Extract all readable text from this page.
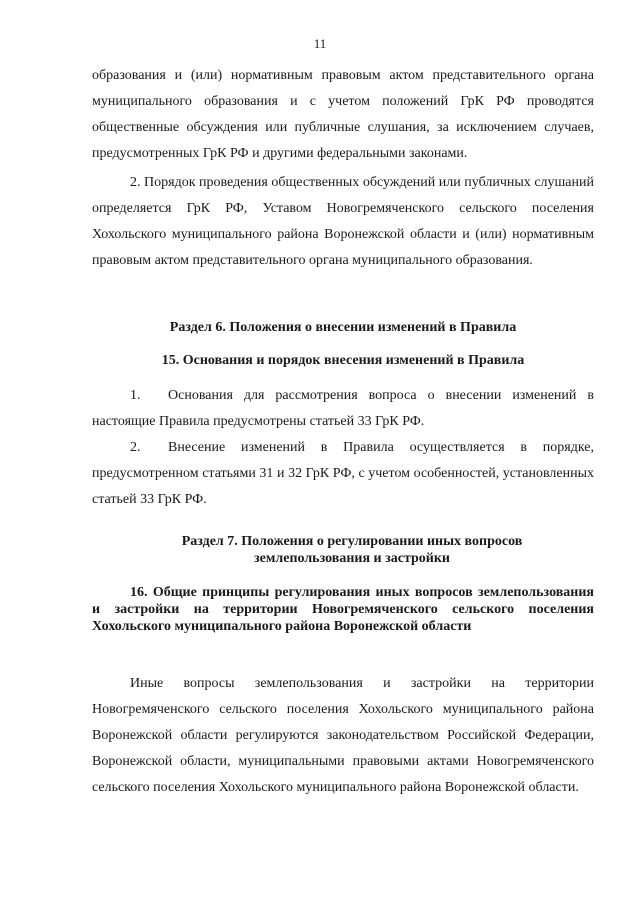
11

образования и (или) нормативным правовым актом представительного органа муниципального образования и с учетом положений ГрК РФ проводятся общественные обсуждения или публичные слушания, за исключением случаев, предусмотренных ГрК РФ и другими федеральными законами.

2. Порядок проведения общественных обсуждений или публичных слушаний определяется ГрК РФ, Уставом Новогремяченского сельского поселения Хохольского муниципального района Воронежской области и (или) нормативным правовым актом представительного органа муниципального образования.

Раздел 6. Положения о внесении изменений в Правила
15. Основания и порядок внесения изменений в Правила

1. Основания для рассмотрения вопроса о внесении изменений в настоящие Правила предусмотрены статьей 33 ГрК РФ.

2. Внесение изменений в Правила осуществляется в порядке, предусмотренном статьями 31 и 32 ГрК РФ, с учетом особенностей, установленных статьей 33 ГрК РФ.

Раздел 7. Положения о регулировании иных вопросов
землепользования и застройки
16. Общие принципы регулирования иных вопросов землепользования и застройки на территории Новогремяченского сельского поселения Хохольского муниципального района Воронежской области

Иные вопросы землепользования и застройки на территории Новогремяченского сельского поселения Хохольского муниципального района Воронежской области регулируются законодательством Российской Федерации, Воронежской области, муниципальными правовыми актами Новогремяченского сельского поселения Хохольского муниципального района Воронежской области.
